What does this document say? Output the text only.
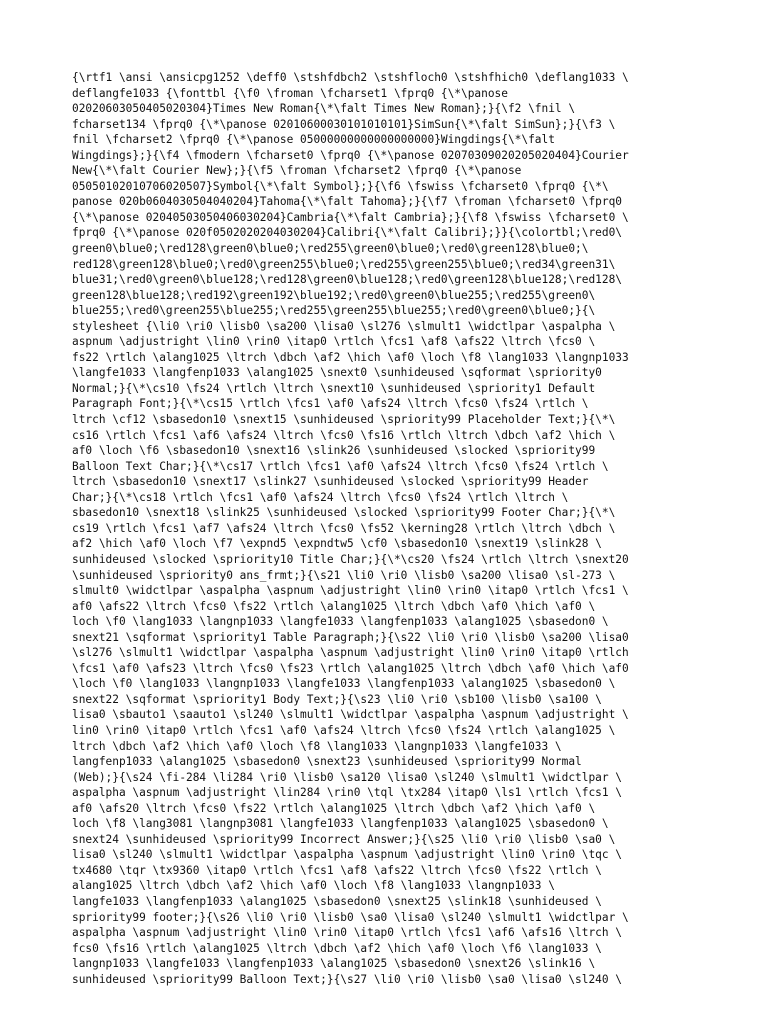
{\rtf1 \ansi \ansicpg1252 \deff0 \stshfdbch2 \stshfloch0 \stshfhich0 \deflang1033 \
deflangfe1033 {\fonttbl {\f0 \froman \fcharset1 \fprq0 {\*\panose
02020603050405020304}Times New Roman{\*\falt Times New Roman};}{\f2 \fnil \
fcharset134 \fprq0 {\*\panose 02010600030101010101}SimSun{\*\falt SimSun};}{\f3 \
fnil \fcharset2 \fprq0 {\*\panose 05000000000000000000}Wingdings{\*\falt
Wingdings};}{\f4 \fmodern \fcharset0 \fprq0 {\*\panose 02070309020205020404}Courier
New{\*\falt Courier New};}{\f5 \froman \fcharset2 \fprq0 {\*\panose
05050102010706020507}Symbol{\*\falt Symbol};}{\f6 \fswiss \fcharset0 \fprq0 {\*\
panose 020b0604030504040204}Tahoma{\*\falt Tahoma};}{\f7 \froman \fcharset0 \fprq0
{\*\panose 02040503050406030204}Cambria{\*\falt Cambria};}{\f8 \fswiss \fcharset0 \
fprq0 {\*\panose 020f0502020204030204}Calibri{\*\falt Calibri};}}{\colortbl;\red0\
green0\blue0;\red128\green0\blue0;\red255\green0\blue0;\red0\green128\blue0;\
red128\green128\blue0;\red0\green255\blue0;\red255\green255\blue0;\red34\green31\
blue31;\red0\green0\blue128;\red128\green0\blue128;\red0\green128\blue128;\red128\
green128\blue128;\red192\green192\blue192;\red0\green0\blue255;\red255\green0\
blue255;\red0\green255\blue255;\red255\green255\blue255;\red0\green0\blue0;}{\
stylesheet {\li0 \ri0 \lisb0 \sa200 \lisa0 \sl276 \slmult1 \widctlpar \aspalpha \
aspnum \adjustright \lin0 \rin0 \itap0 \rtlch \fcs1 \af8 \afs22 \ltrch \fcs0 \
fs22 \rtlch \alang1025 \ltrch \dbch \af2 \hich \af0 \loch \f8 \lang1033 \langnp1033
\langfe1033 \langfenp1033 \alang1025 \snext0 \sunhideused \sqformat \spriority0
Normal;}{\*\cs10 \fs24 \rtlch \ltrch \snext10 \sunhideused \spriority1 Default
Paragraph Font;}{\*\cs15 \rtlch \fcs1 \af0 \afs24 \ltrch \fcs0 \fs24 \rtlch \
ltrch \cf12 \sbasedon10 \snext15 \sunhideused \spriority99 Placeholder Text;}{\*\
cs16 \rtlch \fcs1 \af6 \afs24 \ltrch \fcs0 \fs16 \rtlch \ltrch \dbch \af2 \hich \
af0 \loch \f6 \sbasedon10 \snext16 \slink26 \sunhideused \slocked \spriority99
Balloon Text Char;}{\*\cs17 \rtlch \fcs1 \af0 \afs24 \ltrch \fcs0 \fs24 \rtlch \
ltrch \sbasedon10 \snext17 \slink27 \sunhideused \slocked \spriority99 Header
Char;}{\*\cs18 \rtlch \fcs1 \af0 \afs24 \ltrch \fcs0 \fs24 \rtlch \ltrch \
sbasedon10 \snext18 \slink25 \sunhideused \slocked \spriority99 Footer Char;}{\*\
cs19 \rtlch \fcs1 \af7 \afs24 \ltrch \fcs0 \fs52 \kerning28 \rtlch \ltrch \dbch \
af2 \hich \af0 \loch \f7 \expnd5 \expndtw5 \cf0 \sbasedon10 \snext19 \slink28 \
sunhideused \slocked \spriority10 Title Char;}{\*\cs20 \fs24 \rtlch \ltrch \snext20
\sunhideused \spriority0 ans_frmt;}{\s21 \li0 \ri0 \lisb0 \sa200 \lisa0 \sl-273 \
slmult0 \widctlpar \aspalpha \aspnum \adjustright \lin0 \rin0 \itap0 \rtlch \fcs1 \
af0 \afs22 \ltrch \fcs0 \fs22 \rtlch \alang1025 \ltrch \dbch \af0 \hich \af0 \
loch \f0 \lang1033 \langnp1033 \langfe1033 \langfenp1033 \alang1025 \sbasedon0 \
snext21 \sqformat \spriority1 Table Paragraph;}{\s22 \li0 \ri0 \lisb0 \sa200 \lisa0
\sl276 \slmult1 \widctlpar \aspalpha \aspnum \adjustright \lin0 \rin0 \itap0 \rtlch
\fcs1 \af0 \afs23 \ltrch \fcs0 \fs23 \rtlch \alang1025 \ltrch \dbch \af0 \hich \af0
\loch \f0 \lang1033 \langnp1033 \langfe1033 \langfenp1033 \alang1025 \sbasedon0 \
snext22 \sqformat \spriority1 Body Text;}{\s23 \li0 \ri0 \sb100 \lisb0 \sa100 \
lisa0 \sbauto1 \saauto1 \sl240 \slmult1 \widctlpar \aspalpha \aspnum \adjustright \
lin0 \rin0 \itap0 \rtlch \fcs1 \af0 \afs24 \ltrch \fcs0 \fs24 \rtlch \alang1025 \
ltrch \dbch \af2 \hich \af0 \loch \f8 \lang1033 \langnp1033 \langfe1033 \
langfenp1033 \alang1025 \sbasedon0 \snext23 \sunhideused \spriority99 Normal
(Web);}{\s24 \fi-284 \li284 \ri0 \lisb0 \sa120 \lisa0 \sl240 \slmult1 \widctlpar \
aspalpha \aspnum \adjustright \lin284 \rin0 \tql \tx284 \itap0 \ls1 \rtlch \fcs1 \
af0 \afs20 \ltrch \fcs0 \fs22 \rtlch \alang1025 \ltrch \dbch \af2 \hich \af0 \
loch \f8 \lang3081 \langnp3081 \langfe1033 \langfenp1033 \alang1025 \sbasedon0 \
snext24 \sunhideused \spriority99 Incorrect Answer;}{\s25 \li0 \ri0 \lisb0 \sa0 \
lisa0 \sl240 \slmult1 \widctlpar \aspalpha \aspnum \adjustright \lin0 \rin0 \tqc \
tx4680 \tqr \tx9360 \itap0 \rtlch \fcs1 \af8 \afs22 \ltrch \fcs0 \fs22 \rtlch \
alang1025 \ltrch \dbch \af2 \hich \af0 \loch \f8 \lang1033 \langnp1033 \
langfe1033 \langfenp1033 \alang1025 \sbasedon0 \snext25 \slink18 \sunhideused \
spriority99 footer;}{\s26 \li0 \ri0 \lisb0 \sa0 \lisa0 \sl240 \slmult1 \widctlpar \
aspalpha \aspnum \adjustright \lin0 \rin0 \itap0 \rtlch \fcs1 \af6 \afs16 \ltrch \
fcs0 \fs16 \rtlch \alang1025 \ltrch \dbch \af2 \hich \af0 \loch \f6 \lang1033 \
langnp1033 \langfe1033 \langfenp1033 \alang1025 \sbasedon0 \snext26 \slink16 \
sunhideused \spriority99 Balloon Text;}{\s27 \li0 \ri0 \lisb0 \sa0 \lisa0 \sl240 \
